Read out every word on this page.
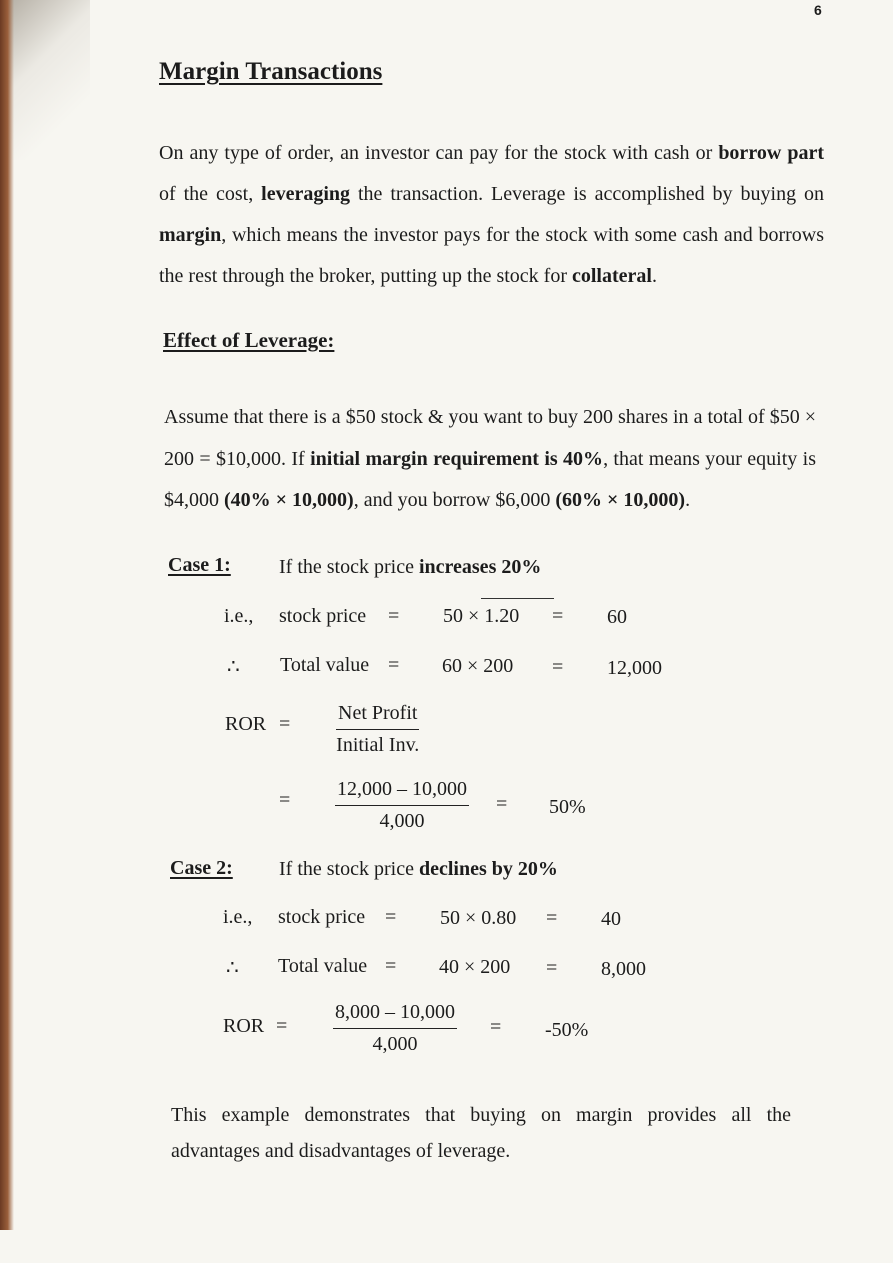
6
Margin Transactions

On any type of order, an investor can pay for the stock with cash or borrow part of the cost, leveraging the transaction. Leverage is accomplished by buying on margin, which means the investor pays for the stock with some cash and borrows the rest through the broker, putting up the stock for collateral.

Effect of Leverage:

Assume that there is a $50 stock & you want to buy 200 shares in a total of $50 × 200 = $10,000. If initial margin requirement is 40%, that means your equity is $4,000 (40% × 10,000), and you borrow $6,000 (60% × 10,000).

Case 1: If the stock price increases 20%
i.e., stock price = 50 × 1.20 = 60
∴ Total value = 60 × 200 = 12,000
ROR = Net Profit
Initial Inv.
= $\frac{12,000 - 10,000}{4,000} = 50\%$
Case 2: If the stock price declines by 20%
i.e., stock price = 50 × 0.80 = 40
∴ Total value = 40 × 200 = 8,000
ROR = $\frac{8,000 - 10,000}{4,000} = -50\%$

This example demonstrates that buying on margin provides all the advantages and disadvantages of leverage.
